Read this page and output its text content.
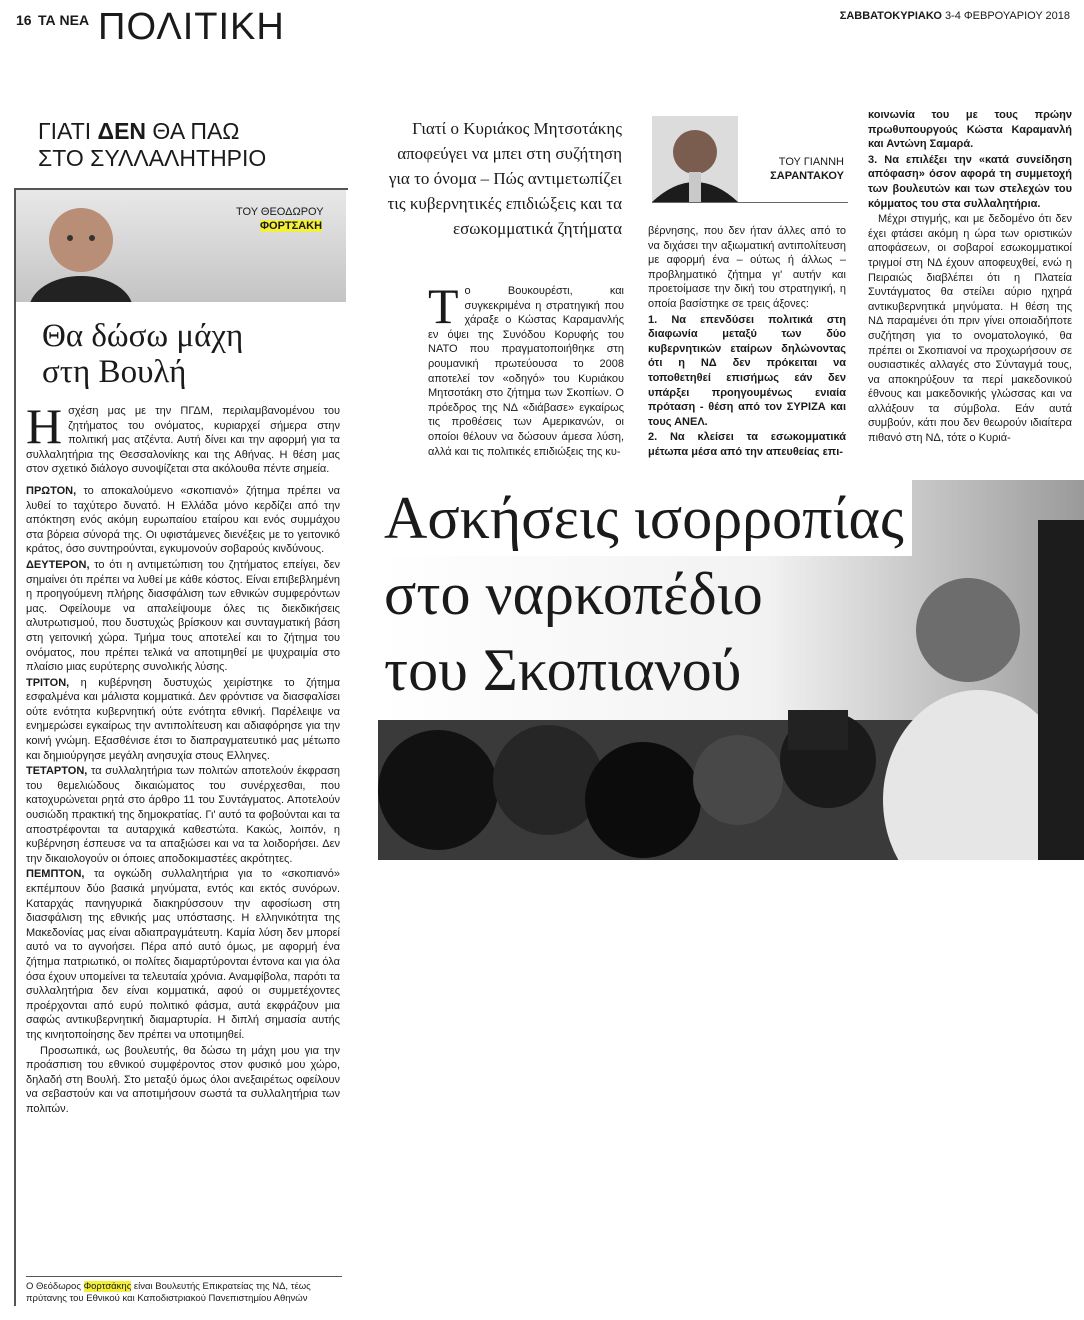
16 ΤΑ ΝΕΑ ΠΟΛΙΤΙΚΗ	ΣΑΒΒΑΤΟΚΥΡΙΑΚΟ 3-4 ΦΕΒΡΟΥΑΡΙΟΥ 2018
ΓΙΑΤΙ ΔΕΝ ΘΑ ΠΑΩ
ΣΤΟ ΣΥΛΛΑΛΗΤΗΡΙΟ
ΤΟΥ ΘΕΟΔΩΡΟΥ
ΦΟΡΤΣΑΚΗ
Θα δώσω μάχη
στη Βουλή

Ησχέση μας με την ΠΓΔΜ, περιλαμβανομένου του ζητήματος του ονόματος, κυριαρχεί σήμερα στην πολιτική μας ατζέντα. Αυτή δίνει και την αφορμή για τα συλλαλητήρια της Θεσσαλονίκης και της Αθήνας. Η θέση μας στον σχετικό διάλογο συνοψίζεται στα ακόλουθα πέντε σημεία.

ΠΡΩΤΟΝ, το αποκαλούμενο «σκοπιανό» ζήτημα πρέπει να λυθεί το ταχύτερο δυνατό. Η Ελλάδα μόνο κερδίζει από την απόκτηση ενός ακόμη ευρωπαίου εταίρου και ενός συμμάχου στα βόρεια σύνορά της. Οι υφιστάμενες διενέξεις με το γειτονικό κράτος, όσο συντηρούνται, εγκυμονούν σοβαρούς κινδύνους.

ΔΕΥΤΕΡΟΝ, το ότι η αντιμετώπιση του ζητήματος επείγει, δεν σημαίνει ότι πρέπει να λυθεί με κάθε κόστος. Είναι επιβεβλημένη η προηγούμενη πλήρης διασφάλιση των εθνικών συμφερόντων μας. Οφείλουμε να απαλείψουμε όλες τις διεκδικήσεις αλυτρωτισμού, που δυστυχώς βρίσκουν και συνταγματική βάση στη γειτονική χώρα. Τμήμα τους αποτελεί και το ζήτημα του ονόματος, που πρέπει τελικά να αποτιμηθεί με ψυχραιμία στο πλαίσιο μιας ευρύτερης συνολικής λύσης.

ΤΡΙΤΟΝ, η κυβέρνηση δυστυχώς χειρίστηκε το ζήτημα εσφαλμένα και μάλιστα κομματικά. Δεν φρόντισε να διασφαλίσει ούτε ενότητα κυβερνητική ούτε ενότητα εθνική. Παρέλειψε να ενημερώσει εγκαίρως την αντιπολίτευση και αδιαφόρησε για την κοινή γνώμη. Εξασθένισε έτσι το διαπραγματευτικό μας μέτωπο και δημιούργησε μεγάλη ανησυχία στους Ελληνες.

ΤΕΤΑΡΤΟΝ, τα συλλαλητήρια των πολιτών αποτελούν έκφραση του θεμελιώδους δικαιώματος του συνέρχεσθαι, που κατοχυρώνεται ρητά στο άρθρο 11 του Συντάγματος. Αποτελούν ουσιώδη πρακτική της δημοκρατίας. Γι' αυτό τα φοβούνται και τα αποστρέφονται τα αυταρχικά καθεστώτα. Κακώς, λοιπόν, η κυβέρνηση έσπευσε να τα απαξιώσει και να τα λοιδορήσει. Δεν την δικαιολογούν οι όποιες αποδοκιμαστέες ακρότητες.

ΠΕΜΠΤΟΝ, τα ογκώδη συλλαλητήρια για το «σκοπιανό» εκπέμπουν δύο βασικά μηνύματα, εντός και εκτός συνόρων. Καταρχάς πανηγυρικά διακηρύσσουν την αφοσίωση στη διασφάλιση της εθνικής μας υπόστασης. Η ελληνικότητα της Μακεδονίας μας είναι αδιαπραγμάτευτη. Καμία λύση δεν μπορεί αυτό να το αγνοήσει. Πέρα από αυτό όμως, με αφορμή ένα ζήτημα πατριωτικό, οι πολίτες διαμαρτύρονται έντονα και για όλα όσα έχουν υπομείνει τα τελευταία χρόνια. Αναμφίβολα, παρότι τα συλλαλητήρια δεν είναι κομματικά, αφού οι συμμετέχοντες προέρχονται από ευρύ πολιτικό φάσμα, αυτά εκφράζουν μια σαφώς αντικυβερνητική διαμαρτυρία. Η διπλή σημασία αυτής της κινητοποίησης δεν πρέπει να υποτιμηθεί.

Προσωπικά, ως βουλευτής, θα δώσω τη μάχη μου για την προάσπιση του εθνικού συμφέροντος στον φυσικό μου χώρο, δηλαδή στη Βουλή. Στο μεταξύ όμως όλοι ανεξαιρέτως οφείλουν να σεβαστούν και να αποτιμήσουν σωστά τα συλλαλητήρια των πολιτών.

Ο Θεόδωρος Φορτσάκης είναι Βουλευτής Επικρατείας της ΝΔ, τέως πρύτανης του Εθνικού και Καποδιστριακού Πανεπιστημίου Αθηνών
Γιατί ο Κυριάκος Μητσοτάκης αποφεύγει να μπει στη συζήτηση για το όνομα – Πώς αντιμετωπίζει τις κυβερνητικές επιδιώξεις και τα εσωκομματικά ζητήματα
ΤΟΥ ΓΙΑΝΝΗ
ΣΑΡΑΝΤΑΚΟΥ

Το Βουκουρέστι, και συγκεκριμένα η στρατηγική που χάραξε ο Κώστας Καραμανλής εν όψει της Συνόδου Κορυφής του ΝΑΤΟ που πραγματοποιήθηκε στη ρουμανική πρωτεύουσα το 2008 αποτελεί τον «οδηγό» του Κυριάκου Μητσοτάκη στο ζήτημα των Σκοπίων. Ο πρόεδρος της ΝΔ «διάβασε» εγκαίρως τις προθέσεις των Αμερικανών, οι οποίοι θέλουν να δώσουν άμεσα λύση, αλλά και τις πολιτικές επιδιώξεις της κυ-

βέρνησης, που δεν ήταν άλλες από το να διχάσει την αξιωματική αντιπολίτευση με αφορμή ένα – ούτως ή άλλως – προβληματικό ζήτημα γι' αυτήν και προετοίμασε την δική του στρατηγική, η οποία βασίστηκε σε τρεις άξονες:

1. Να επενδύσει πολιτικά στη διαφωνία μεταξύ των δύο κυβερνητικών εταίρων δηλώνοντας ότι η ΝΔ δεν πρόκειται να τοποθετηθεί επισήμως εάν δεν υπάρξει προηγουμένως ενιαία πρόταση - θέση από τον ΣΥΡΙΖΑ και τους ΑΝΕΛ.

2. Να κλείσει τα εσωκομματικά μέτωπα μέσα από την απευθείας επι-

κοινωνία του με τους πρώην πρωθυπουργούς Κώστα Καραμανλή και Αντώνη Σαμαρά.

3. Να επιλέξει την «κατά συνείδηση απόφαση» όσον αφορά τη συμμετοχή των βουλευτών και των στελεχών του κόμματος του στα συλλαλητήρια.

Μέχρι στιγμής, και με δεδομένο ότι δεν έχει φτάσει ακόμη η ώρα των οριστικών αποφάσεων, οι σοβαροί εσωκομματικοί τριγμοί στη ΝΔ έχουν αποφευχθεί, ενώ η Πειραιώς διαβλέπει ότι η Πλατεία Συντάγματος θα στείλει αύριο ηχηρά αντικυβερνητικά μηνύματα. Η θέση της ΝΔ παραμένει ότι πριν γίνει οποιαδήποτε συζήτηση για το ονοματολογικό, θα πρέπει οι Σκοπιανοί να προχωρήσουν σε ουσιαστικές αλλαγές στο Σύνταγμά τους, να αποκηρύξουν τα περί μακεδονικού έθνους και μακεδονικής γλώσσας και να αλλάξουν τα σύμβολα. Εάν αυτά συμβούν, κάτι που δεν θεωρούν ιδιαίτερα πιθανό στη ΝΔ, τότε ο Κυριά-

Ασκήσεις ισορροπίας
στο ναρκοπέδιο
του Σκοπιανού
